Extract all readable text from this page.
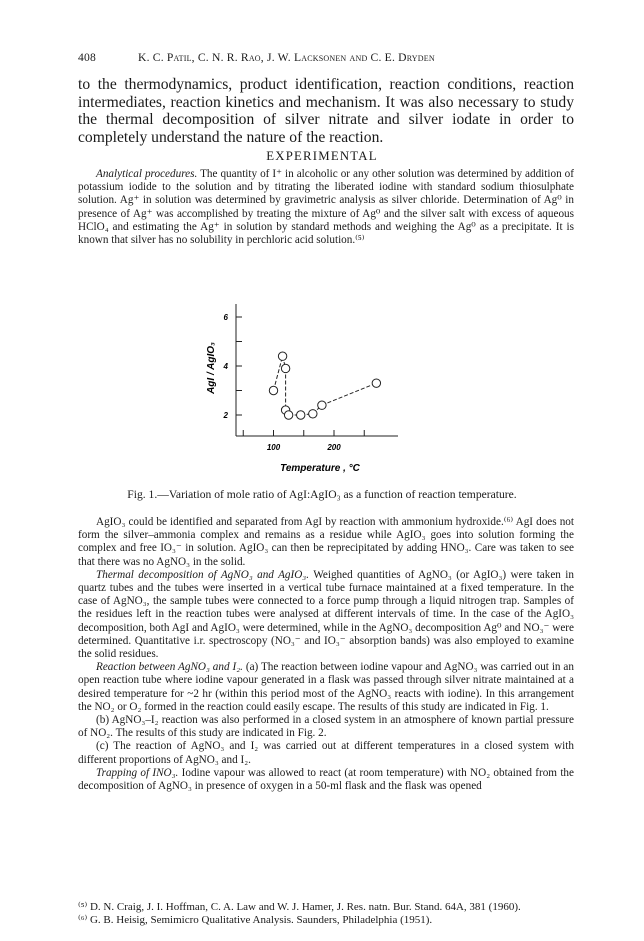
408	K. C. Patil, C. N. R. Rao, J. W. Lacksonen and C. E. Dryden
to the thermodynamics, product identification, reaction conditions, reaction intermediates, reaction kinetics and mechanism. It was also necessary to study the thermal decomposition of silver nitrate and silver iodate in order to completely understand the nature of the reaction.
EXPERIMENTAL
Analytical procedures. The quantity of I⁺ in alcoholic or any other solution was determined by addition of potassium iodide to the solution and by titrating the liberated iodine with standard sodium thiosulphate solution. Ag⁺ in solution was determined by gravimetric analysis as silver chloride. Determination of Ag⁰ in presence of Ag⁺ was accomplished by treating the mixture of Ag⁰ and the silver salt with excess of aqueous HClO₄ and estimating the Ag⁺ in solution by standard methods and weighing the Ag⁰ as a precipitate. It is known that silver has no solubility in perchloric acid solution.⁽⁵⁾
2
4
6
100	200
Temperature , °C
AgI / AgIO₃
Fig. 1.—Variation of mole ratio of AgI:AgIO₃ as a function of reaction temperature.

AgIO₃ could be identified and separated from AgI by reaction with ammonium hydroxide.⁽⁶⁾ AgI does not form the silver–ammonia complex and remains as a residue while AgIO₃ goes into solution forming the complex and free IO₃⁻ in solution. AgIO₃ can then be reprecipitated by adding HNO₃. Care was taken to see that there was no AgNO₃ in the solid.

Thermal decomposition of AgNO₃ and AgIO₃. Weighed quantities of AgNO₃ (or AgIO₃) were taken in quartz tubes and the tubes were inserted in a vertical tube furnace maintained at a fixed temperature. In the case of AgNO₃, the sample tubes were connected to a force pump through a liquid nitrogen trap. Samples of the residues left in the reaction tubes were analysed at different intervals of time. In the case of the AgIO₃ decomposition, both AgI and AgIO₃ were determined, while in the AgNO₃ decomposition Ag⁰ and NO₃⁻ were determined. Quantitative i.r. spectroscopy (NO₃⁻ and IO₃⁻ absorption bands) was also employed to examine the solid residues.

Reaction between AgNO₃ and I₂. (a) The reaction between iodine vapour and AgNO₃ was carried out in an open reaction tube where iodine vapour generated in a flask was passed through silver nitrate maintained at a desired temperature for ~2 hr (within this period most of the AgNO₃ reacts with iodine). In this arrangement the NO₂ or O₂ formed in the reaction could easily escape. The results of this study are indicated in Fig. 1.

(b) AgNO₃–I₂ reaction was also performed in a closed system in an atmosphere of known partial pressure of NO₂. The results of this study are indicated in Fig. 2.

(c) The reaction of AgNO₃ and I₂ was carried out at different temperatures in a closed system with different proportions of AgNO₃ and I₂.

Trapping of INO₃. Iodine vapour was allowed to react (at room temperature) with NO₂ obtained from the decomposition of AgNO₃ in presence of oxygen in a 50-ml flask and the flask was opened

⁽⁵⁾ D. N. Craig, J. I. Hoffman, C. A. Law and W. J. Hamer, J. Res. natn. Bur. Stand. 64A, 381 (1960).
⁽⁶⁾ G. B. Heisig, Semimicro Qualitative Analysis. Saunders, Philadelphia (1951).
